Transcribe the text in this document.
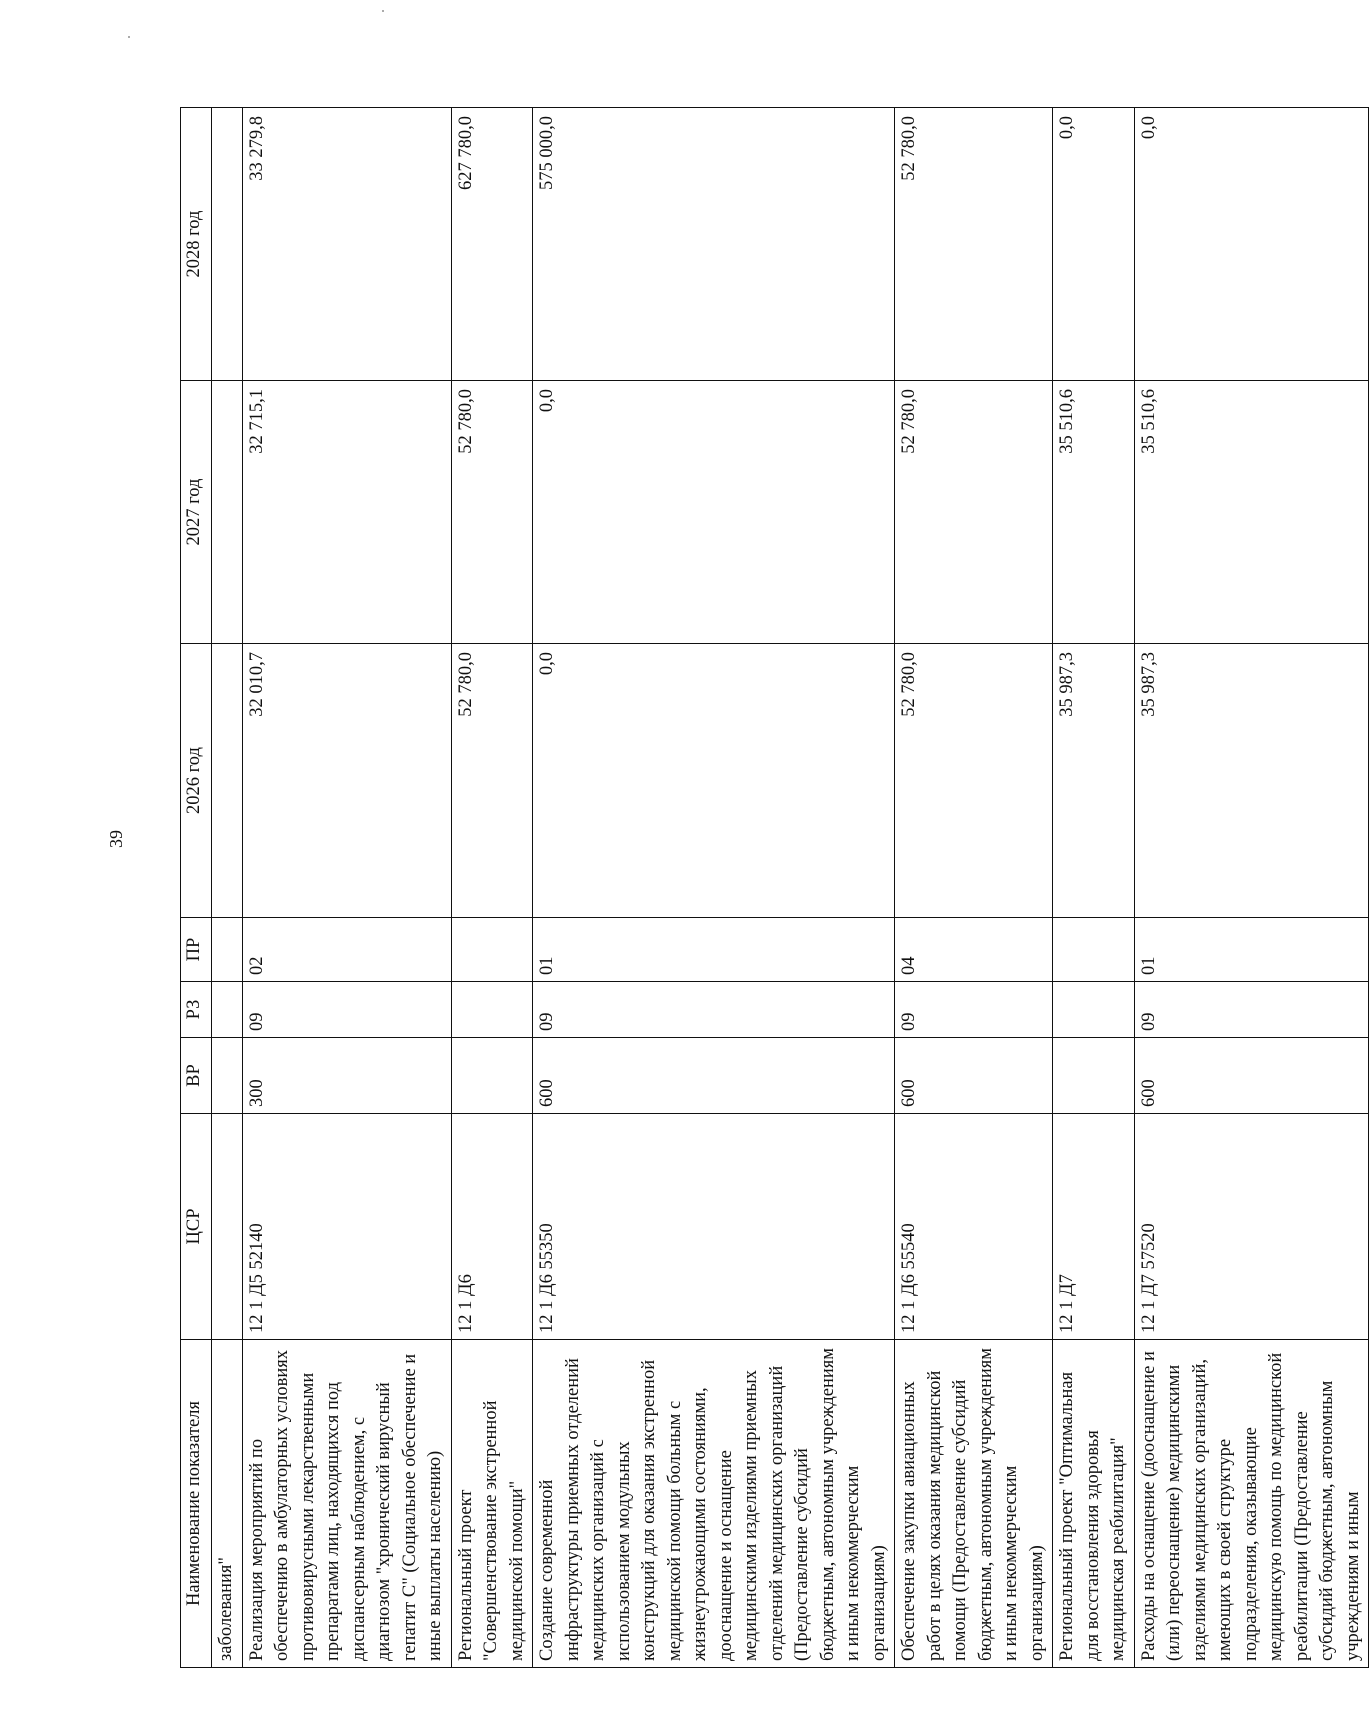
39
Наименование показателя	ЦСР	ВР	РЗ	ПР	2026 год	2027 год	2028 год
заболевания"							
Реализация мероприятий по обеспечению в амбулаторных условиях противовирусными лекарственными препаратами лиц, находящихся под диспансерным наблюдением, с диагнозом "хронический вирусный гепатит С" (Социальное обеспечение и иные выплаты населению)	12 1 Д5 52140	300	09	02	32 010,7	32 715,1	33 279,8
Региональный проект "Совершенствование экстренной медицинской помощи"	12 1 Д6				52 780,0	52 780,0	627 780,0
Создание современной инфраструктуры приемных отделений медицинских организаций с использованием модульных конструкций для оказания экстренной медицинской помощи больным с жизнеугрожающими состояниями, дооснащение и оснащение медицинскими изделиями приемных отделений медицинских организаций (Предоставление субсидий бюджетным, автономным учреждениям и иным некоммерческим организациям)	12 1 Д6 55350	600	09	01	0,0	0,0	575 000,0
Обеспечение закупки авиационных работ в целях оказания медицинской помощи (Предоставление субсидий бюджетным, автономным учреждениям и иным некоммерческим организациям)	12 1 Д6 55540	600	09	04	52 780,0	52 780,0	52 780,0
Региональный проект "Оптимальная для восстановления здоровья медицинская реабилитация"	12 1 Д7				35 987,3	35 510,6	0,0
Расходы на оснащение (дооснащение и (или) переоснащение) медицинскими изделиями медицинских организаций, имеющих в своей структуре подразделения, оказывающие медицинскую помощь по медицинской реабилитации (Предоставление субсидий бюджетным, автономным учреждениям и иным	12 1 Д7 57520	600	09	01	35 987,3	35 510,6	0,0
